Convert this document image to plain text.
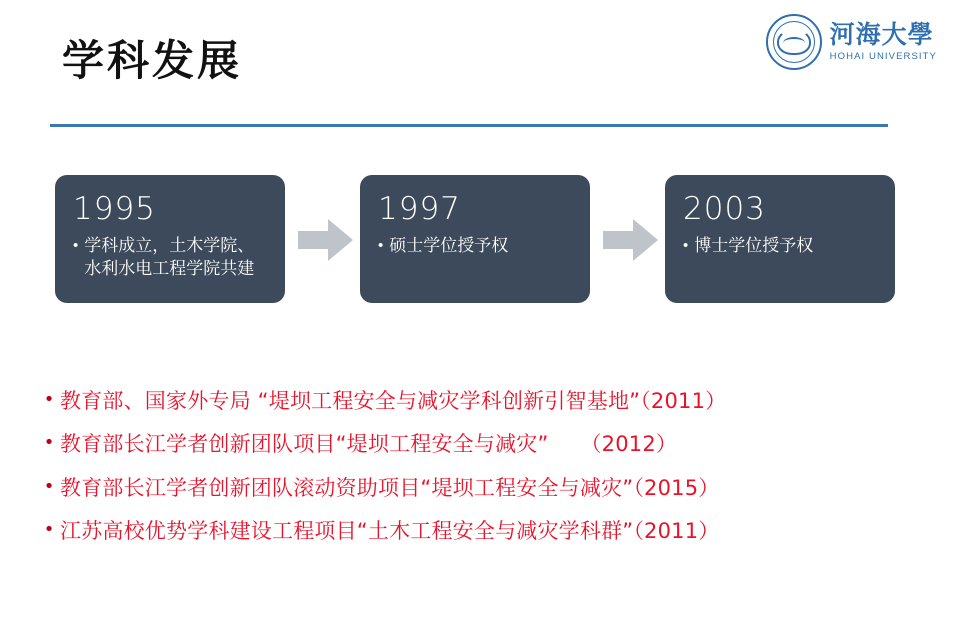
河海大學
HOHAI UNIVERSITY
学科发展
1995
• 学科成立，土木学院、水利水电工程学院共建
1997
• 硕士学位授予权
2003
• 博士学位授予权
• 教育部、国家外专局 “堤坝工程安全与减灾学科创新引智基地”（2011）
• 教育部长江学者创新团队项目“堤坝工程安全与减灾”　　（2012）
• 教育部长江学者创新团队滚动资助项目“堤坝工程安全与减灾”（2015）
• 江苏高校优势学科建设工程项目“土木工程安全与减灾学科群”（2011）
